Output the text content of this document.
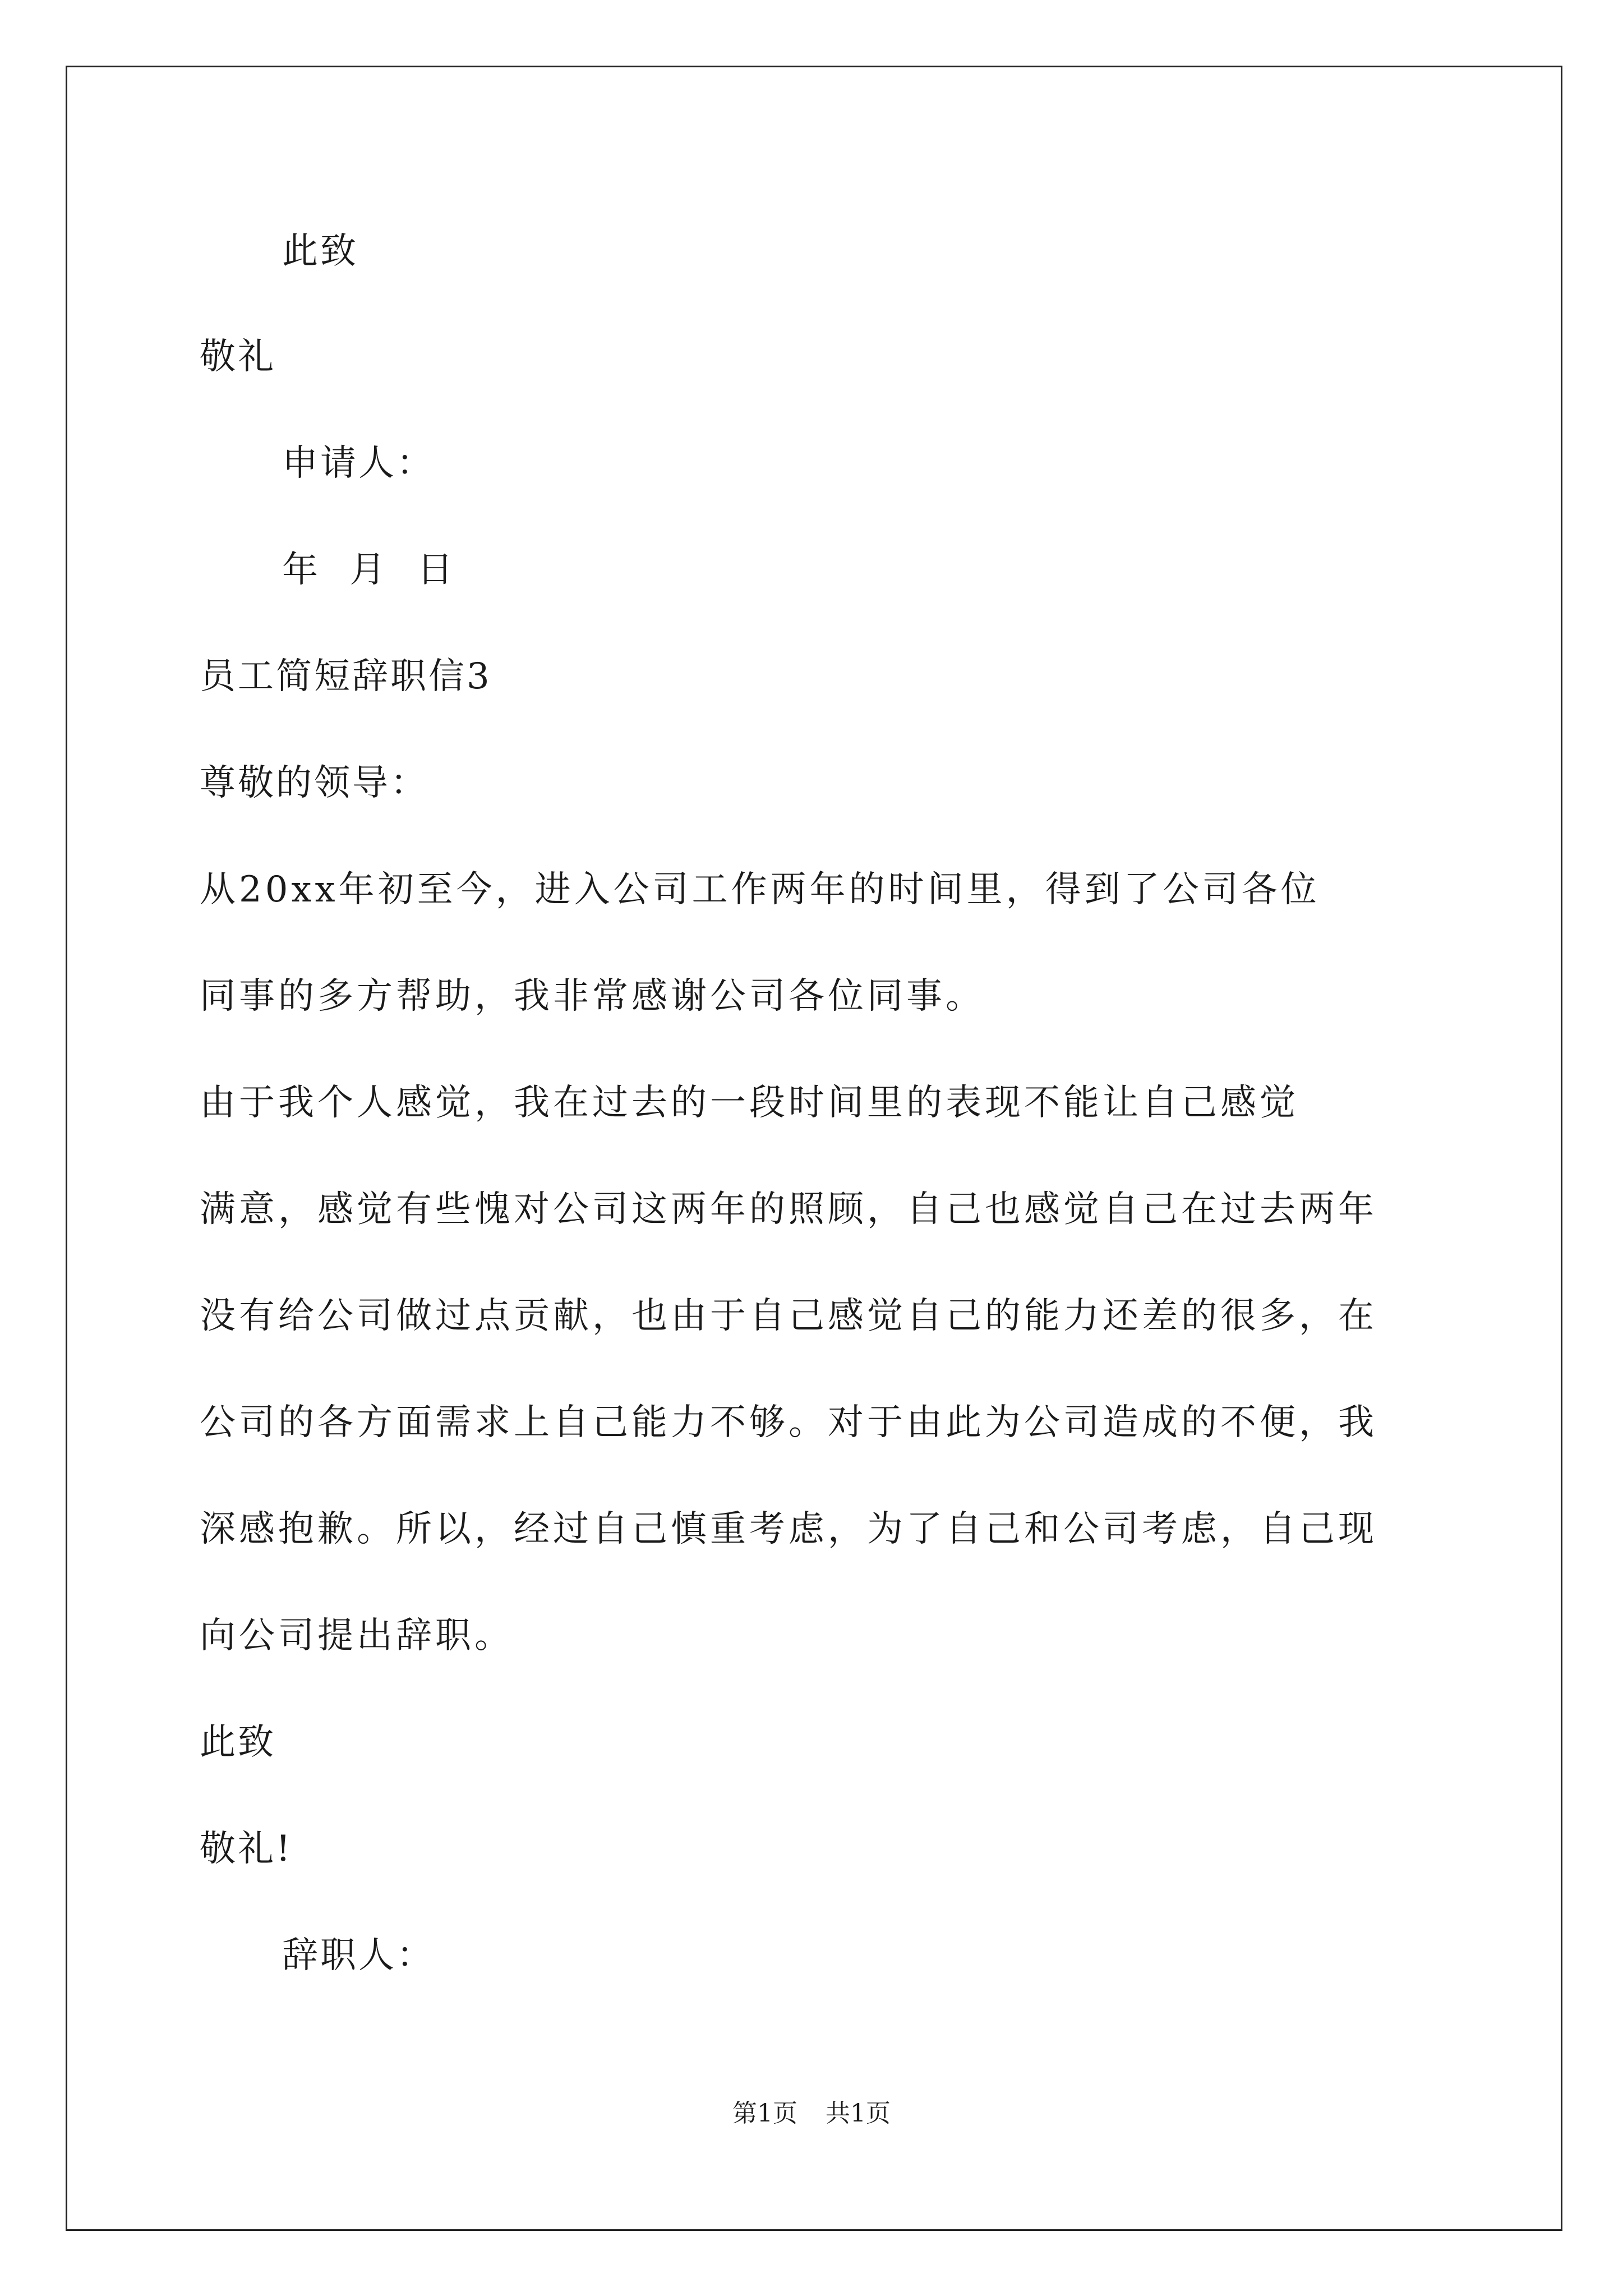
此致
敬礼
申请人：
年 月 日
员工简短辞职信3
尊敬的领导：
从20xx年初至今，进入公司工作两年的时间里，得到了公司各位
同事的多方帮助，我非常感谢公司各位同事。
由于我个人感觉，我在过去的一段时间里的表现不能让自己感觉
满意，感觉有些愧对公司这两年的照顾，自己也感觉自己在过去两年
没有给公司做过点贡献，也由于自己感觉自己的能力还差的很多，在
公司的各方面需求上自己能力不够。对于由此为公司造成的不便，我
深感抱歉。所以，经过自己慎重考虑，为了自己和公司考虑，自己现
向公司提出辞职。
此致
敬礼!
辞职人：
第1页 共1页
